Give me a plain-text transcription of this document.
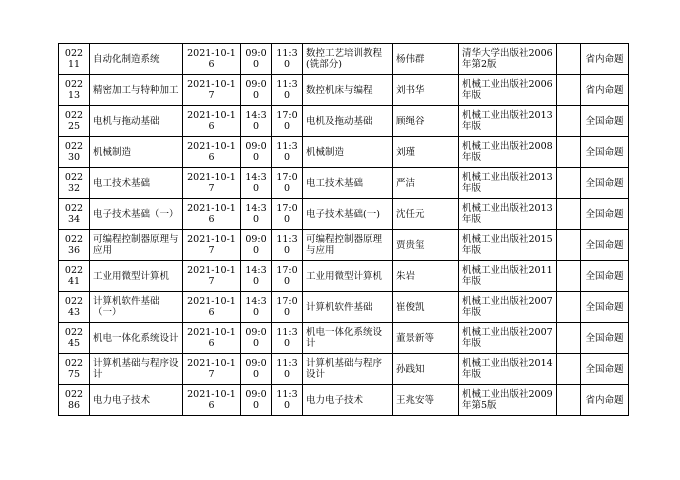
02211	自动化制造系统	2021-10-16	09:00	11:30	数控工艺培训教程(铣部分)	杨伟群	清华大学出版社2006年第2版		省内命题
02213	精密加工与特种加工	2021-10-17	09:00	11:30	数控机床与编程	刘书华	机械工业出版社2006年版		省内命题
02225	电机与拖动基础	2021-10-16	14:30	17:00	电机及拖动基础	顾绳谷	机械工业出版社2013年版		全国命题
02230	机械制造	2021-10-16	09:00	11:30	机械制造	刘瑾	机械工业出版社2008年版		全国命题
02232	电工技术基础	2021-10-17	14:30	17:00	电工技术基础	严洁	机械工业出版社2013年版		全国命题
02234	电子技术基础（一）	2021-10-16	14:30	17:00	电子技术基础(一)	沈任元	机械工业出版社2013年版		全国命题
02236	可编程控制器原理与应用	2021-10-17	09:00	11:30	可编程控制器原理与应用	贾贵玺	机械工业出版社2015年版		全国命题
02241	工业用微型计算机	2021-10-17	14:30	17:00	工业用微型计算机	朱岩	机械工业出版社2011年版		全国命题
02243	计算机软件基础（一）	2021-10-16	14:30	17:00	计算机软件基础	崔俊凯	机械工业出版社2007年版		全国命题
02245	机电一体化系统设计	2021-10-16	09:00	11:30	机电一体化系统设计	董景新等	机械工业出版社2007年版		全国命题
02275	计算机基础与程序设计	2021-10-17	09:00	11:30	计算机基础与程序设计	孙践知	机械工业出版社2014年版		全国命题
02286	电力电子技术	2021-10-16	09:00	11:30	电力电子技术	王兆安等	机械工业出版社2009年第5版		省内命题
